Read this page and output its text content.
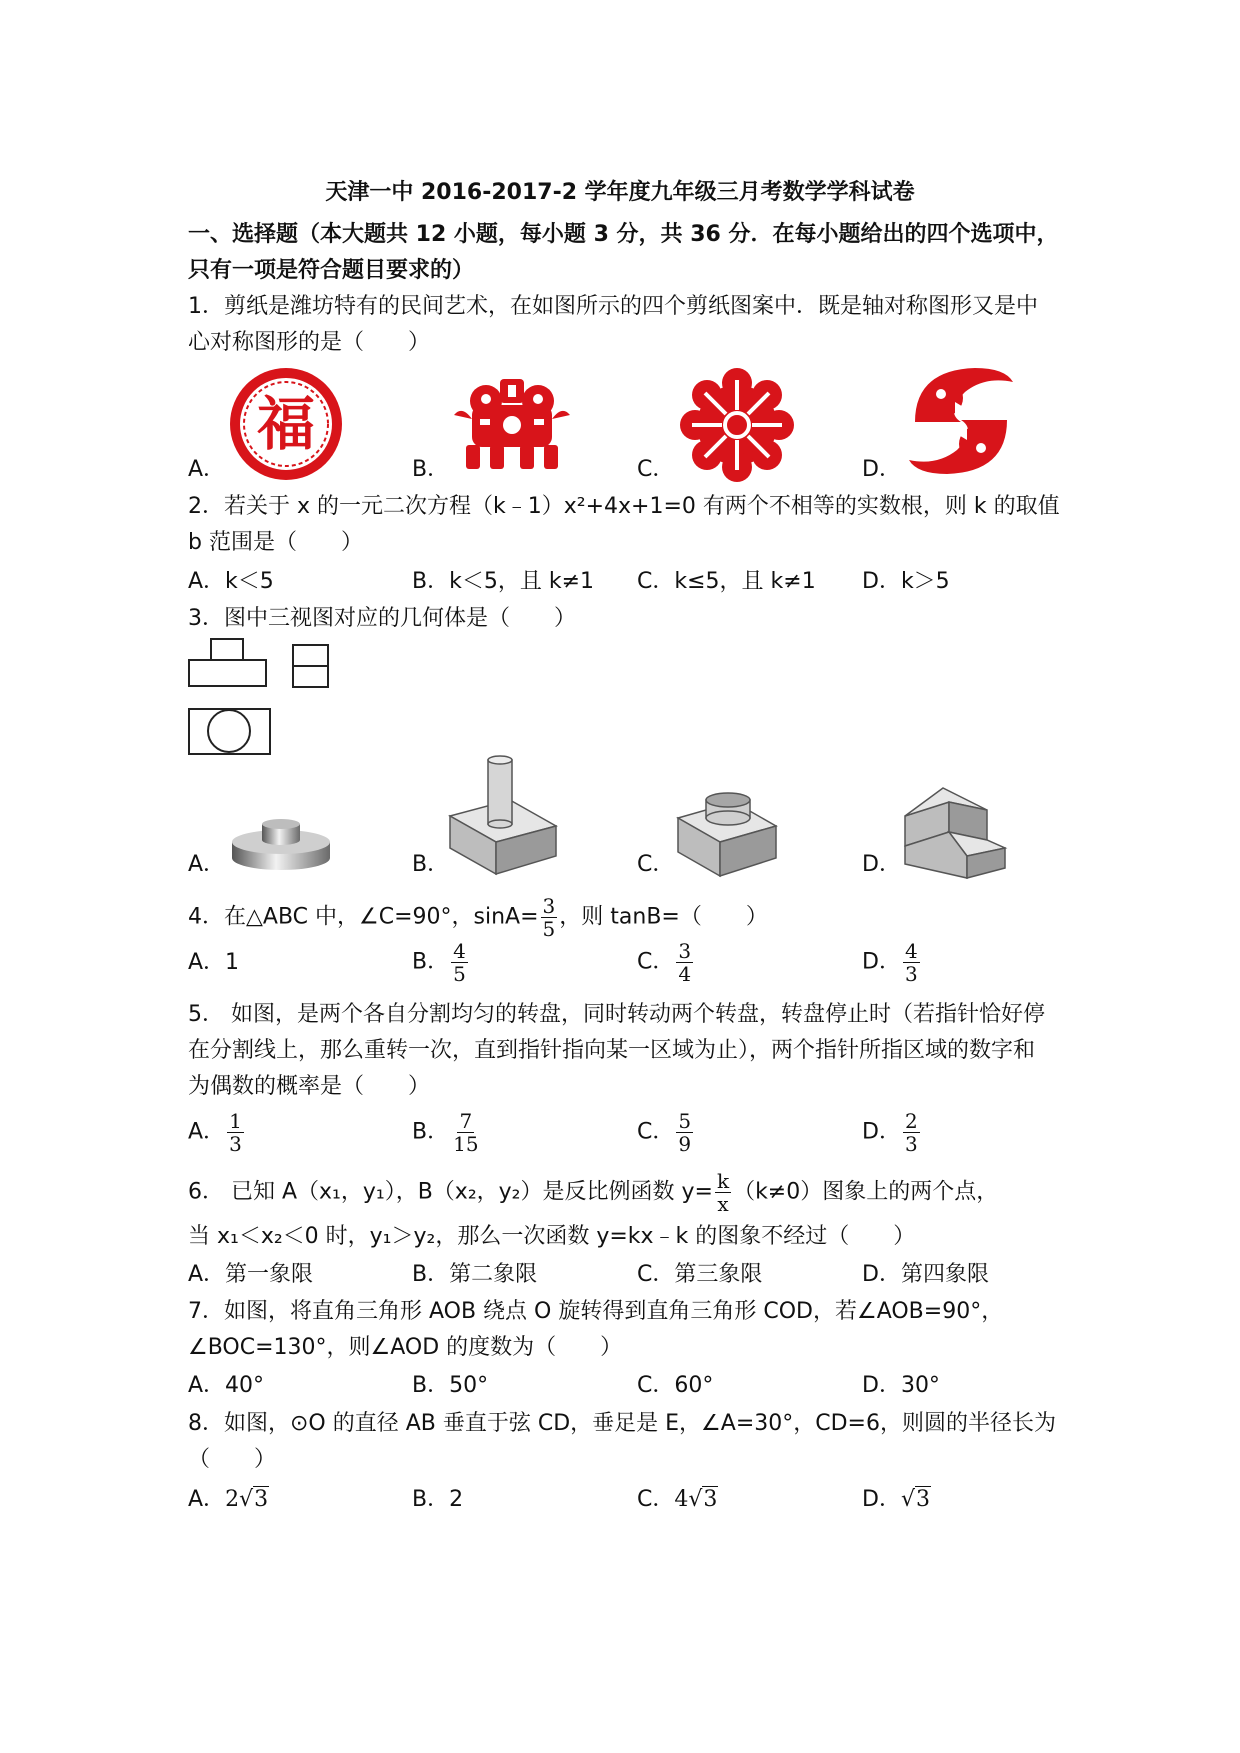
天津一中 2016-2017-2 学年度九年级三月考数学学科试卷
一、选择题（本大题共 12 小题，每小题 3 分，共 36 分．在每小题给出的四个选项中，
只有一项是符合题目要求的）
1．剪纸是潍坊特有的民间艺术，在如图所示的四个剪纸图案中．既是轴对称图形又是中
心对称图形的是（　　）
福
A．	B．	C．	D．
2．若关于 x 的一元二次方程（k﹣1）x²+4x+1=0 有两个不相等的实数根，则 k 的取值
b 范围是（　　）
A．k＜5	B．k＜5，且 k≠1 C．k≤5，且 k≠1 D．k＞5
3．图中三视图对应的几何体是（　　）
A．	B．	C．	D．
4．在△ABC 中，∠C=90°，$\sin A= \frac{3}{5}$ ，则 tanB=（　　）
A．1	B． $\frac{4}{5}$	C． $\frac{3}{4}$	D． $\frac{4}{3}$
5． 如图，是两个各自分割均匀的转盘，同时转动两个转盘，转盘停止时（若指针恰好停
在分割线上，那么重转一次，直到指针指向某一区域为止），两个指针所指区域的数字和
为偶数的概率是（　　）
A． $\frac{1}{3}$	B． $\frac{7}{15}$	C． $\frac{5}{9}$	D． $\frac{2}{3}$
6． 已知 A（x₁，y₁），B（x₂，y₂）是反比例函数 $y= \frac{k}{x} (k\ne 0)$图象上的两个点，
当 x₁＜x₂＜0 时，y₁＞y₂，那么一次函数 y=kx﹣k 的图象不经过（　　）
A．第一象限	B．第二象限	C．第三象限	D．第四象限
7．如图，将直角三角形 AOB 绕点 O 旋转得到直角三角形 COD，若∠AOB=90°，
∠BOC=130°，则∠AOD 的度数为（　　）
A．40°	B．50°	C．60°	D．30°
8．如图，⊙O 的直径 AB 垂直于弦 CD，垂足是 E，∠A=30°，CD=6，则圆的半径长为
（　　）
A．2√3	B．2	C．4√3	D．√3
